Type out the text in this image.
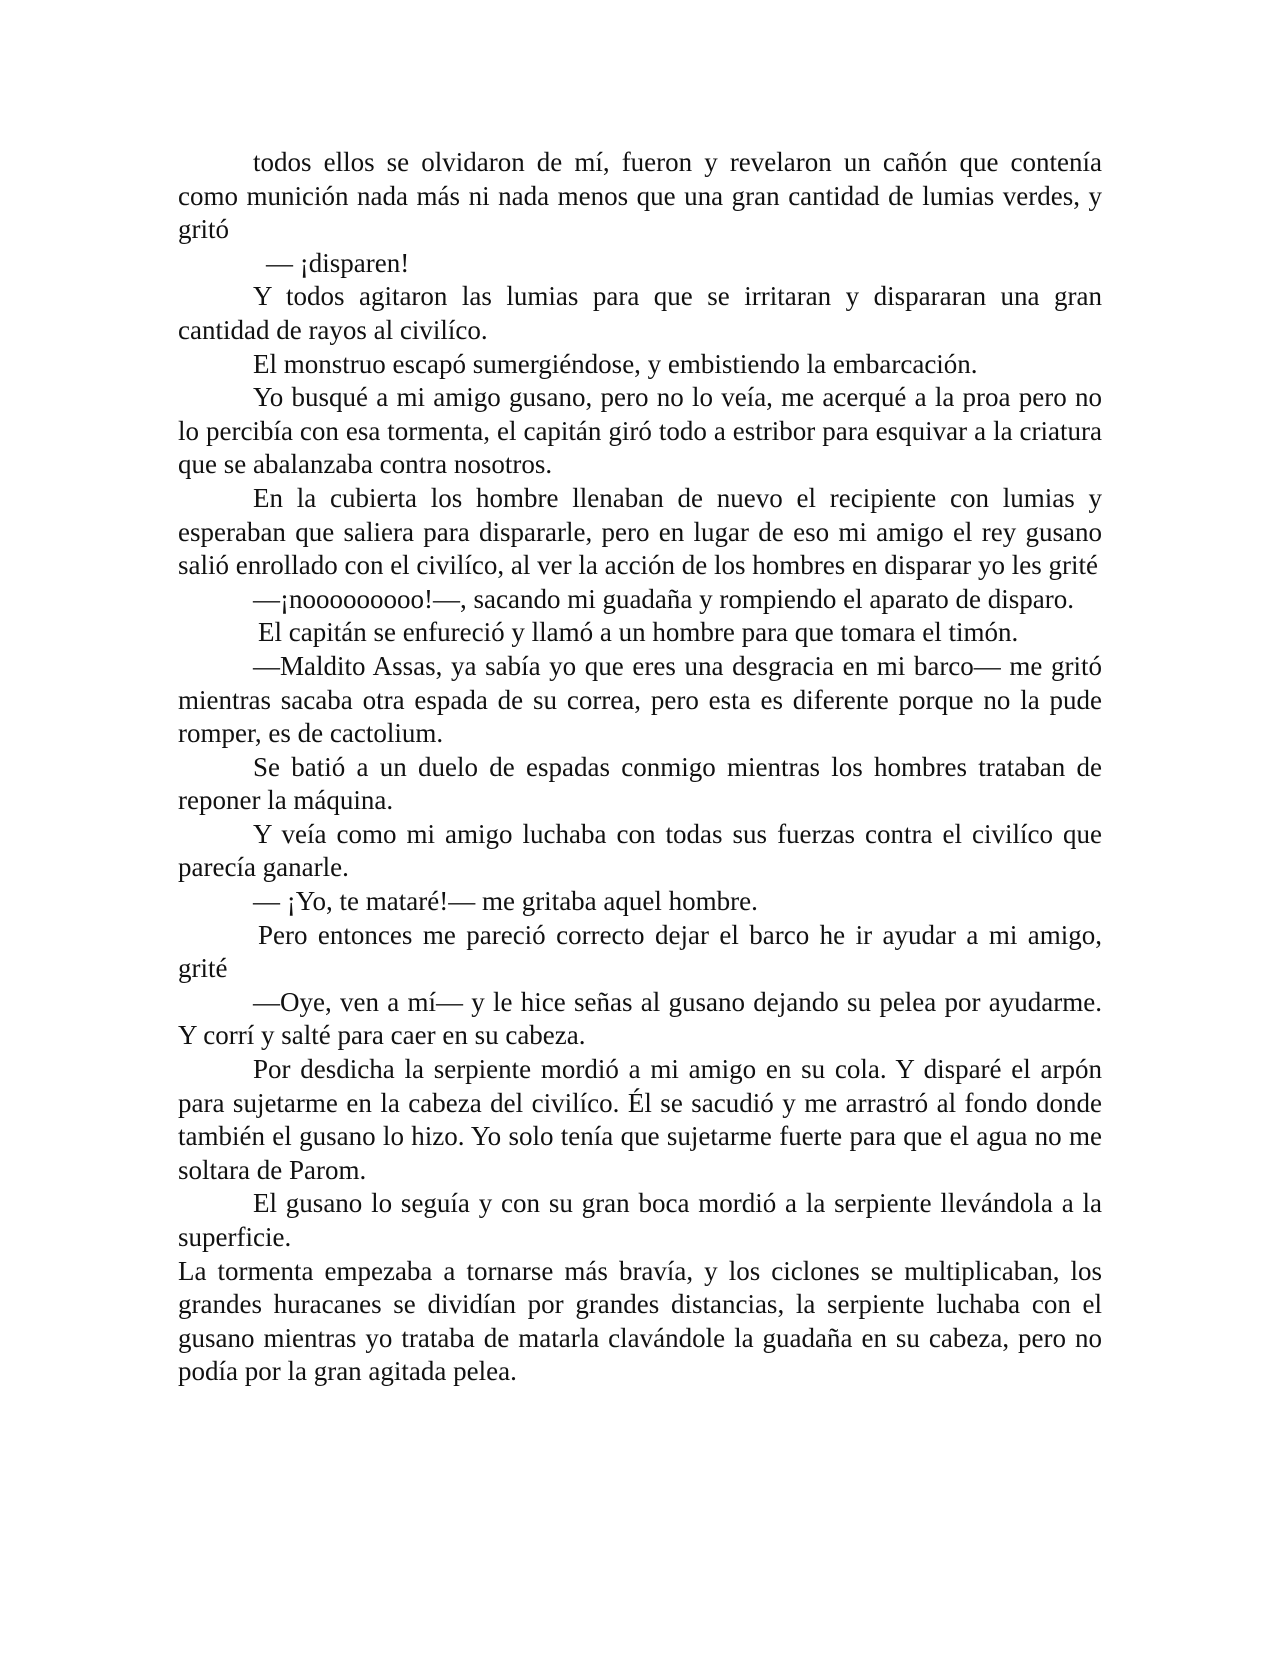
todos ellos se olvidaron de mí, fueron y revelaron un cañón que contenía como munición nada más ni nada menos que una gran cantidad de lumias verdes, y gritó

— ¡disparen!

Y todos agitaron las lumias para que se irritaran y dispararan una gran cantidad de rayos al civilíco.

El monstruo escapó sumergiéndose, y embistiendo la embarcación.

Yo busqué a mi amigo gusano, pero no lo veía, me acerqué a la proa pero no lo percibía con esa tormenta, el capitán giró todo a estribor para esquivar a la criatura que se abalanzaba contra nosotros.

En la cubierta los hombre llenaban de nuevo el recipiente con lumias y esperaban que saliera para dispararle, pero en lugar de eso mi amigo el rey gusano salió enrollado con el civilíco, al ver la acción de los hombres en disparar yo les grité

—¡nooooooooo!—, sacando mi guadaña y rompiendo el aparato de disparo.

El capitán se enfureció y llamó a un hombre para que tomara el timón.

—Maldito Assas, ya sabía yo que eres una desgracia en mi barco— me gritó mientras sacaba otra espada de su correa, pero esta es diferente porque no la pude romper, es de cactolium.

Se batió a un duelo de espadas conmigo mientras los hombres trataban de reponer la máquina.

Y veía como mi amigo luchaba con todas sus fuerzas contra el civilíco que parecía ganarle.

— ¡Yo, te mataré!— me gritaba aquel hombre.

Pero entonces me pareció correcto dejar el barco he ir ayudar a mi amigo, grité

—Oye, ven a mí— y le hice señas al gusano dejando su pelea por ayudarme. Y corrí y salté para caer en su cabeza.

Por desdicha la serpiente mordió a mi amigo en su cola. Y disparé el arpón para sujetarme en la cabeza del civilíco. Él se sacudió y me arrastró al fondo donde también el gusano lo hizo. Yo solo tenía que sujetarme fuerte para que el agua no me soltara de Parom.

El gusano lo seguía y con su gran boca mordió a la serpiente llevándola a la superficie.

La tormenta empezaba a tornarse más bravía, y los ciclones se multiplicaban, los grandes huracanes se dividían por grandes distancias, la serpiente luchaba con el gusano mientras yo trataba de matarla clavándole la guadaña en su cabeza, pero no podía por la gran agitada pelea.
